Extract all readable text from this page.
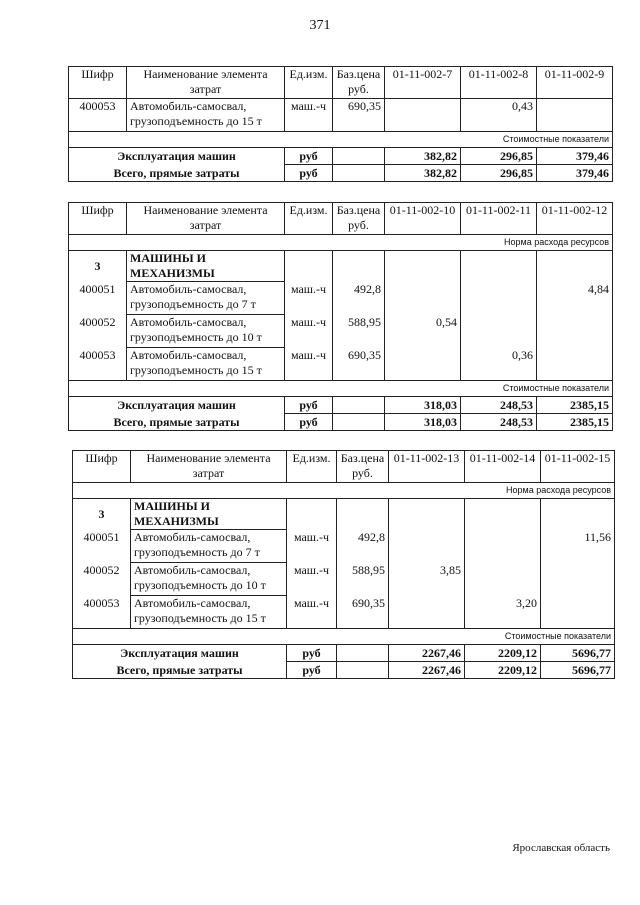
371
Шифр	Наименование элемента затрат	Ед.изм.	Баз.цена руб.	01-11-002-7	01-11-002-8	01-11-002-9
400053	Автомобиль-самосвал, грузоподъемность до 15 т	маш.-ч	690,35		0,43	
Стоимостные показатели						
Эксплуатация машин		руб		382,82	296,85	379,46
Всего, прямые затраты		руб		382,82	296,85	379,46
Шифр	Наименование элемента затрат	Ед.изм.	Баз.цена руб.	01-11-002-10	01-11-002-11	01-11-002-12
Норма расхода ресурсов						
3	МАШИНЫ И МЕХАНИЗМЫ					
400051	Автомобиль-самосвал, грузоподъемность до 7 т	маш.-ч	492,8			4,84
400052	Автомобиль-самосвал, грузоподъемность до 10 т	маш.-ч	588,95	0,54		
400053	Автомобиль-самосвал, грузоподъемность до 15 т	маш.-ч	690,35		0,36	
Стоимостные показатели						
Эксплуатация машин		руб		318,03	248,53	2385,15
Всего, прямые затраты		руб		318,03	248,53	2385,15
Шифр	Наименование элемента затрат	Ед.изм.	Баз.цена руб.	01-11-002-13	01-11-002-14	01-11-002-15
Норма расхода ресурсов						
3	МАШИНЫ И МЕХАНИЗМЫ					
400051	Автомобиль-самосвал, грузоподъемность до 7 т	маш.-ч	492,8			11,56
400052	Автомобиль-самосвал, грузоподъемность до 10 т	маш.-ч	588,95	3,85		
400053	Автомобиль-самосвал, грузоподъемность до 15 т	маш.-ч	690,35		3,20	
Стоимостные показатели						
Эксплуатация машин		руб		2267,46	2209,12	5696,77
Всего, прямые затраты		руб		2267,46	2209,12	5696,77
Ярославская область
